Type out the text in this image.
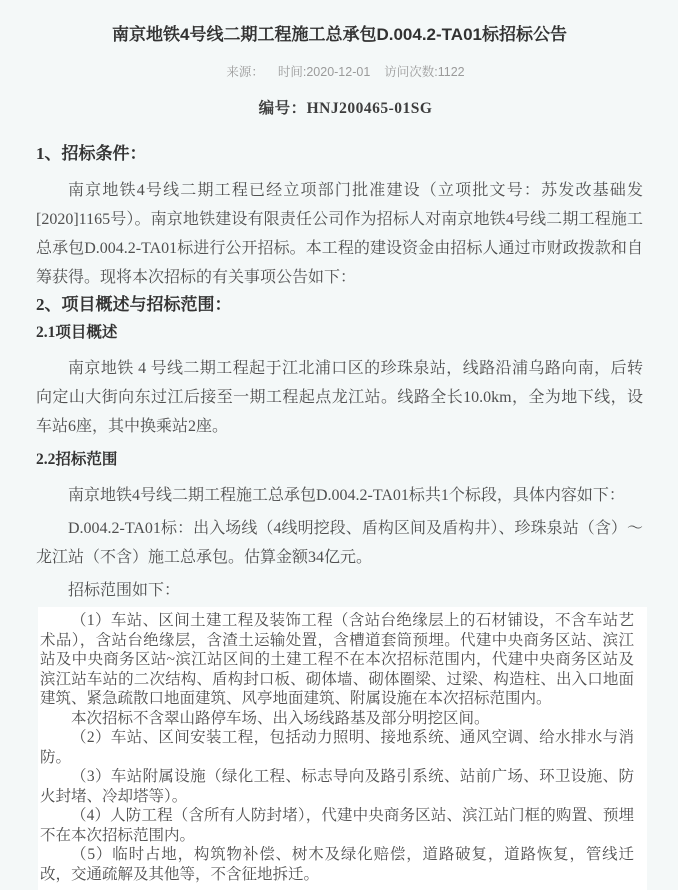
南京地铁4号线二期工程施工总承包D.004.2-TA01标招标公告
来源： 时间:2020-12-01 访问次数:1122
编号：HNJ200465-01SG
1、招标条件：

南京地铁4号线二期工程已经立项部门批准建设（立项批文号：苏发改基础发[2020]1165号）。南京地铁建设有限责任公司作为招标人对南京地铁4号线二期工程施工总承包D.004.2-TA01标进行公开招标。本工程的建设资金由招标人通过市财政拨款和自筹获得。现将本次招标的有关事项公告如下：

2、项目概述与招标范围：
2.1项目概述

南京地铁 4 号线二期工程起于江北浦口区的珍珠泉站，线路沿浦乌路向南，后转向定山大街向东过江后接至一期工程起点龙江站。线路全长10.0km，全为地下线，设车站6座，其中换乘站2座。

2.2招标范围

南京地铁4号线二期工程施工总承包D.004.2-TA01标共1个标段，具体内容如下：

D.004.2-TA01标：出入场线（4线明挖段、盾构区间及盾构井）、珍珠泉站（含）～龙江站（不含）施工总承包。估算金额34亿元。

招标范围如下：

（1）车站、区间土建工程及装饰工程（含站台绝缘层上的石材铺设，不含车站艺术品），含站台绝缘层，含渣土运输处置，含槽道套筒预埋。代建中央商务区站、滨江站及中央商务区站~滨江站区间的土建工程不在本次招标范围内，代建中央商务区站及滨江站车站的二次结构、盾构封口板、砌体墙、砌体圈梁、过梁、构造柱、出入口地面建筑、紧急疏散口地面建筑、风亭地面建筑、附属设施在本次招标范围内。

本次招标不含翠山路停车场、出入场线路基及部分明挖区间。

（2）车站、区间安装工程，包括动力照明、接地系统、通风空调、给水排水与消防。

（3）车站附属设施（绿化工程、标志导向及路引系统、站前广场、环卫设施、防火封堵、冷却塔等）。

（4）人防工程（含所有人防封堵），代建中央商务区站、滨江站门框的购置、预埋不在本次招标范围内。

（5）临时占地，构筑物补偿、树木及绿化赔偿，道路破复，道路恢复，管线迁改，交通疏解及其他等，不含征地拆迁。
